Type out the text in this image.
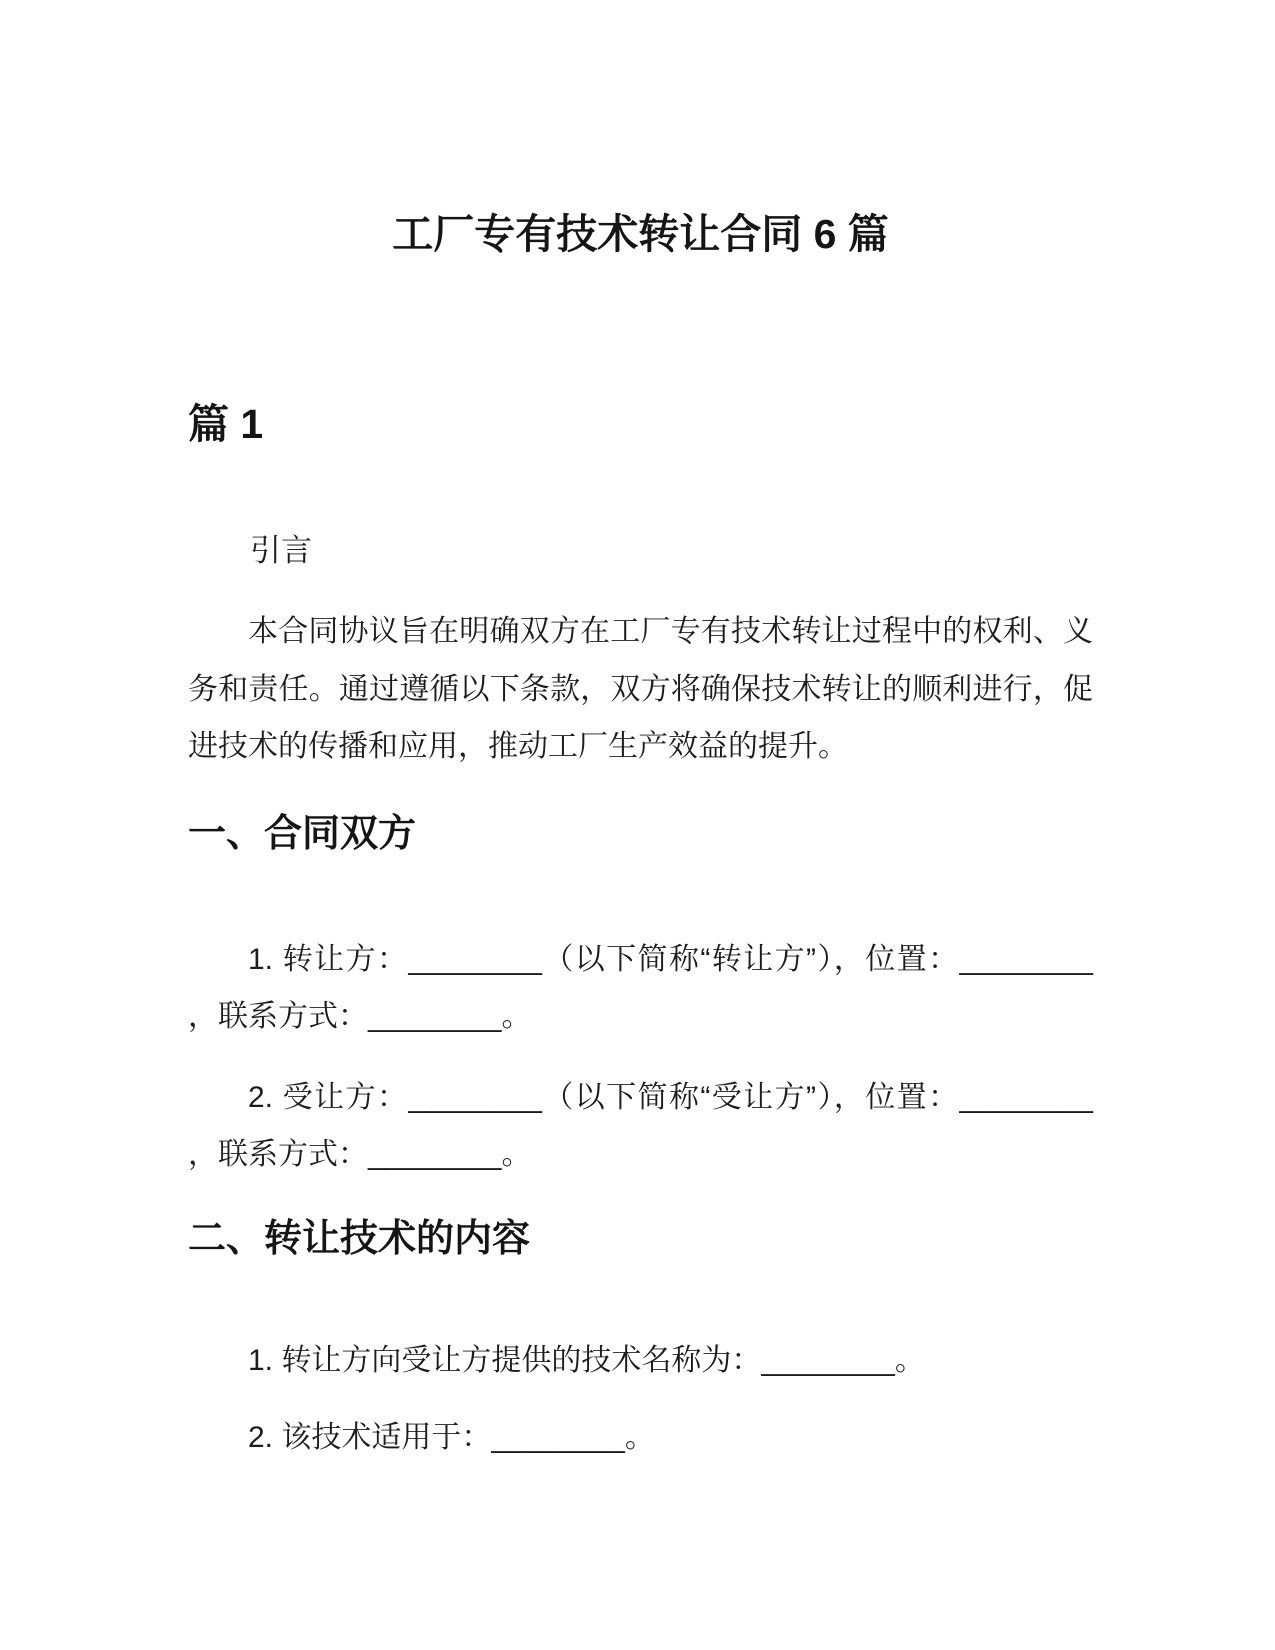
工厂专有技术转让合同 6 篇
篇 1
引言
本合同协议旨在明确双方在工厂专有技术转让过程中的权利、义务和责任。通过遵循以下条款，双方将确保技术转让的顺利进行，促进技术的传播和应用，推动工厂生产效益的提升。
一、合同双方
1. 转让方：________（以下简称“转让方”），位置：________
，联系方式：________。
2. 受让方：________（以下简称“受让方”），位置：________
，联系方式：________。
二、转让技术的内容
1. 转让方向受让方提供的技术名称为：________。
2. 该技术适用于：________。
